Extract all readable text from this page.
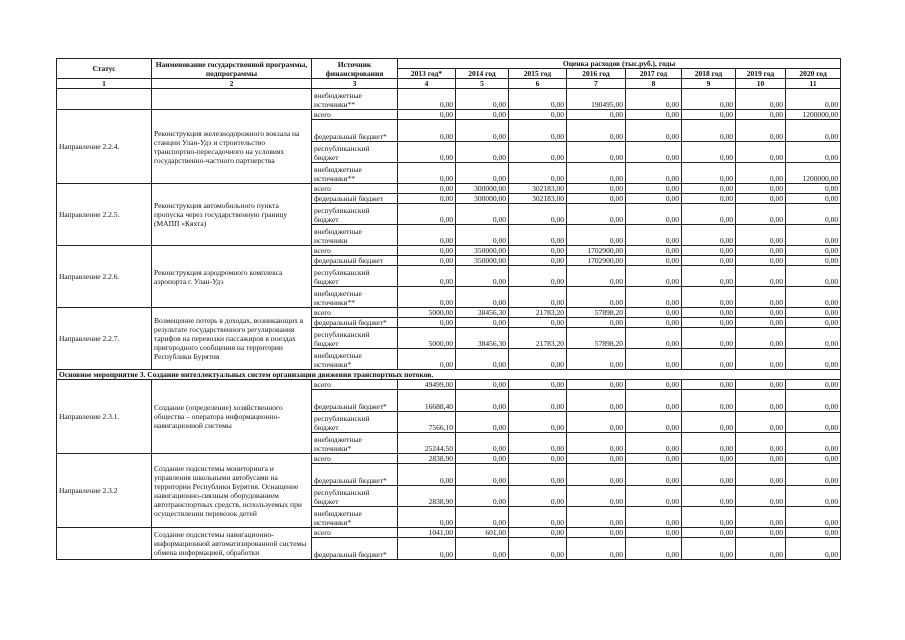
Статус	Наименование государственной программы, подпрограммы	Источник финансирования	Оценка расходов (тыс.руб.), годы							
			2013 год*	2014 год	2015 год	2016 год	2017 год	2018 год	2019 год	2020 год
1	2	3	4	5	6	7	8	9	10	11
		внебюджетные источники**	0,00	0,00	0,00	190495,00	0,00	0,00	0,00	0,00
Направление 2.2.4.	Реконструкция железнодорожного вокзала на станции Улан-Удэ и строительство транспортно-пересадочного на условиях государственно-частного партнерства	всего	0,00	0,00	0,00	0,00	0,00	0,00	0,00	1200000,00
		федеральный бюджет*	0,00	0,00	0,00	0,00	0,00	0,00	0,00	0,00
		республиканский бюджет	0,00	0,00	0,00	0,00	0,00	0,00	0,00	0,00
		внебюджетные источники**	0,00	0,00	0,00	0,00	0,00	0,00	0,00	1200000,00
Направление 2.2.5.	Реконструкция автомобильного пункта пропуска через государственную границу (МАПП «Кяхта)	всего	0,00	300000,00	302183,00	0,00	0,00	0,00	0,00	0,00
		федеральный бюджет	0,00	300000,00	302183,00	0,00	0,00	0,00	0,00	0,00
		республиканский бюджет	0,00	0,00	0,00	0,00	0,00	0,00	0,00	0,00
		внебюджетные источники	0,00	0,00	0,00	0,00	0,00	0,00	0,00	0,00
Направление 2.2.6.	Реконструкция аэродромного комплекса аэропорта г. Улан-Удэ	всего	0,00	350000,00	0,00	1702900,00	0,00	0,00	0,00	0,00
		федеральный бюджет	0,00	350000,00	0,00	1702900,00	0,00	0,00	0,00	0,00
		республиканский бюджет	0,00	0,00	0,00	0,00	0,00	0,00	0,00	0,00
		внебюджетные источники**	0,00	0,00	0,00	0,00	0,00	0,00	0,00	0,00
Направление 2.2.7.	Возмещение потерь в доходах, возникающих в результате государственного регулирования тарифов на перевозки пассажиров в поездах пригородного сообщения на территории Республики Бурятия	всего	5000,00	38456,30	21783,20	57898,20	0,00	0,00	0,00	0,00
		федеральный бюджет*	0,00	0,00	0,00	0,00	0,00	0,00	0,00	0,00
		республиканский бюджет	5000,00	38456,30	21783,20	57898,20	0,00	0,00	0,00	0,00
		внебюджетные источники*	0,00	0,00	0,00	0,00	0,00	0,00	0,00	0,00
Основное мероприятие 3. Создание интеллектуальных систем организации движения транспортных потоков.										
Направление 2.3.1.	Создание (определение) хозяйственного общества – оператора информационно-навигационной системы	всего	49499,00	0,00	0,00	0,00	0,00	0,00	0,00	0,00
		федеральный бюджет*	16688,40	0,00	0,00	0,00	0,00	0,00	0,00	0,00
		республиканский бюджет	7566,10	0,00	0,00	0,00	0,00	0,00	0,00	0,00
		внебюджетные источники*	25244,50	0,00	0,00	0,00	0,00	0,00	0,00	0,00
Направление 2.3.2	Создание подсистемы мониторинга и управления школьными автобусами на территории Республики Бурятия. Оснащение навигационно-связным оборудованием автотранспортных средств, используемых при осуществлении перевозок детей	всего	2838,90	0,00	0,00	0,00	0,00	0,00	0,00	0,00
		федеральный бюджет*	0,00	0,00	0,00	0,00	0,00	0,00	0,00	0,00
		республиканский бюджет	2838,90	0,00	0,00	0,00	0,00	0,00	0,00	0,00
		внебюджетные источники*	0,00	0,00	0,00	0,00	0,00	0,00	0,00	0,00
	Создание подсистемы навигационно-информационной автоматизированной системы обмена информацией, обработки	всего	1041,00	601,00	0,00	0,00	0,00	0,00	0,00	0,00
		федеральный бюджет*	0,00	0,00	0,00	0,00	0,00	0,00	0,00	0,00
